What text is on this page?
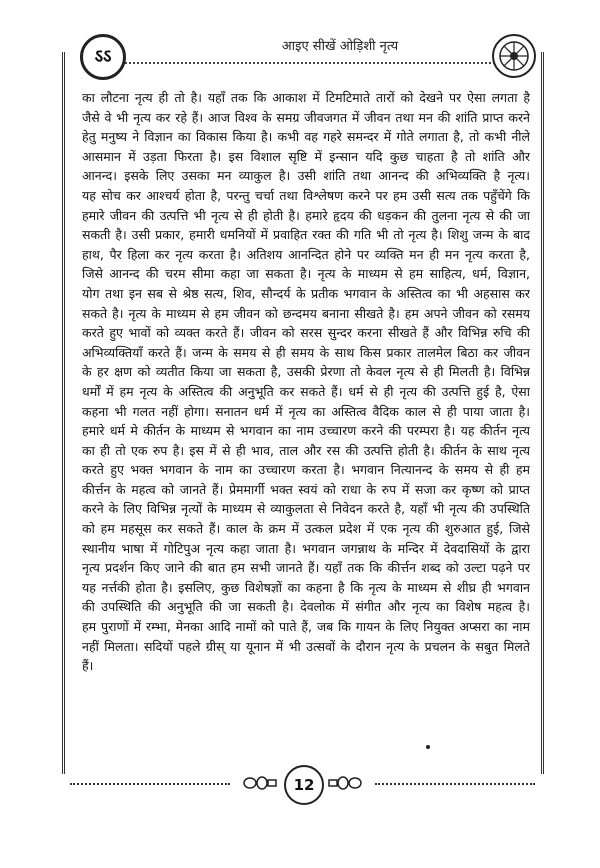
ऽऽ	आइए सीखें ओड़िशी नृत्य
का लौटना नृत्य ही तो है। यहाँ तक कि आकाश में टिमटिमाते तारों को देखने पर ऐसा लगता है
जैसे वे भी नृत्य कर रहे हैं। आज विश्व के समग्र जीवजगत में जीवन तथा मन की शांति प्राप्त करने
हेतु मनुष्य ने विज्ञान का विकास किया है। कभी वह गहरे समन्दर में गोते लगाता है, तो कभी नीले
आसमान में उड़ता फिरता है। इस विशाल सृष्टि में इन्सान यदि कुछ चाहता है तो शांति और
आनन्द। इसके लिए उसका मन व्याकुल है। उसी शांति तथा आनन्द की अभिव्यक्ति है नृत्य।
यह सोच कर आश्चर्य होता है, परन्तु चर्चा तथा विश्लेषण करने पर हम उसी सत्य तक पहुँचेंगे कि
हमारे जीवन की उत्पत्ति भी नृत्य से ही होती है। हमारे हृदय की धड़कन की तुलना नृत्य से की जा
सकती है। उसी प्रकार, हमारी धमनियों में प्रवाहित रक्त की गति भी तो नृत्य है। शिशु जन्म के बाद
हाथ, पैर हिला कर नृत्य करता है। अतिशय आनन्दित होने पर व्यक्ति मन ही मन नृत्य करता है,
जिसे आनन्द की चरम सीमा कहा जा सकता है। नृत्य के माध्यम से हम साहित्य, धर्म, विज्ञान,
योग तथा इन सब से श्रेष्ठ सत्य, शिव, सौन्दर्य के प्रतीक भगवान के अस्तित्व का भी अहसास कर
सकते है। नृत्य के माध्यम से हम जीवन को छन्दमय बनाना सीखते है। हम अपने जीवन को रसमय
करते हुए भावों को व्यक्त करते हैं। जीवन को सरस सुन्दर करना सीखते हैं और विभिन्न रुचि की
अभिव्यक्तियाँ करते हैं। जन्म के समय से ही समय के साथ किस प्रकार तालमेल बिठा कर जीवन
के हर क्षण को व्यतीत किया जा सकता है, उसकी प्रेरणा तो केवल नृत्य से ही मिलती है। विभिन्न
धर्मों में हम नृत्य के अस्तित्व की अनुभूति कर सकते हैं। धर्म से ही नृत्य की उत्पत्ति हुई है, ऐसा
कहना भी गलत नहीं होगा। सनातन धर्म में नृत्य का अस्तित्व वैदिक काल से ही पाया जाता है।
हमारे धर्म मे कीर्तन के माध्यम से भगवान का नाम उच्चारण करने की परम्परा है। यह कीर्तन नृत्य
का ही तो एक रुप है। इस में से ही भाव, ताल और रस की उत्पत्ति होती है। कीर्तन के साथ नृत्य
करते हुए भक्त भगवान के नाम का उच्चारण करता है। भगवान नित्यानन्द के समय से ही हम
कीर्त्तन के महत्व को जानते हैं। प्रेममार्गी भक्त स्वयं को राधा के रुप में सजा कर कृष्ण को प्राप्त
करने के लिए विभिन्न नृत्यों के माध्यम से व्याकुलता से निवेदन करते है, यहाँ भी नृत्य की उपस्थिति
को हम महसूस कर सकते हैं। काल के क्रम में उत्कल प्रदेश में एक नृत्य की शुरुआत हुई, जिसे
स्थानीय भाषा में गोटिपुअ नृत्य कहा जाता है। भगवान जगन्नाथ के मन्दिर में देवदासियों के द्वारा
नृत्य प्रदर्शन किए जाने की बात हम सभी जानते हैं। यहाँ तक कि कीर्त्तन शब्द को उल्टा पढ़ने पर
यह नर्त्तकी होता है। इसलिए, कुछ विशेषज्ञों का कहना है कि नृत्य के माध्यम से शीघ्र ही भगवान
की उपस्थिति की अनुभूति की जा सकती है। देवलोक में संगीत और नृत्य का विशेष महत्व है।
हम पुराणों में रम्भा, मेनका आदि नामों को पाते हैं, जब कि गायन के लिए नियुक्त अप्सरा का नाम
नहीं मिलता। सदियों पहले ग्रीस् या यूनान में भी उत्सवों के दौरान नृत्य के प्रचलन के सबुत मिलते
हैं।
12
